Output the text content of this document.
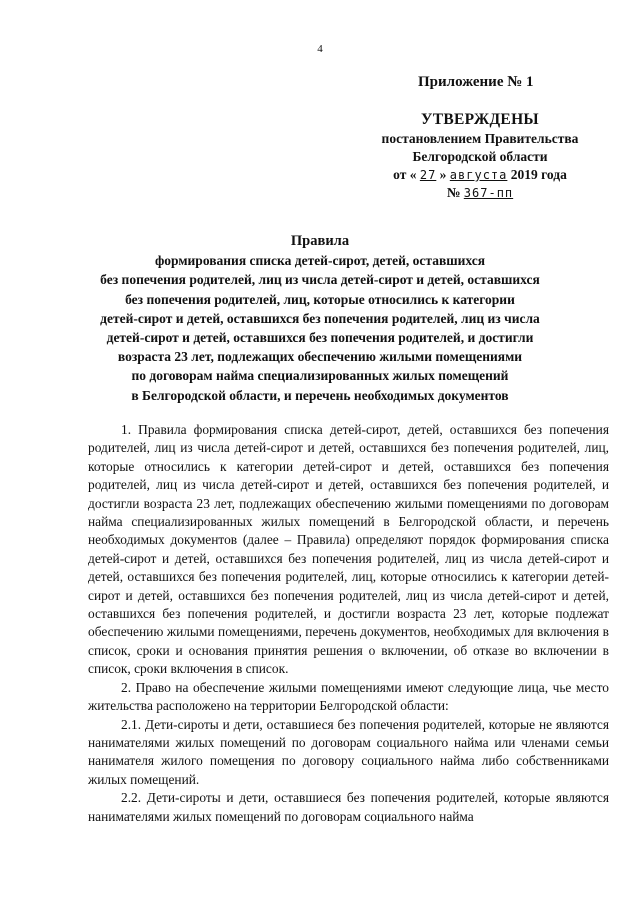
4
Приложение № 1
УТВЕРЖДЕНЫ
постановлением Правительства
Белгородской области
от « 27 » августа 2019 года
№ 367-пп
Правила
формирования списка детей-сирот, детей, оставшихся
без попечения родителей, лиц из числа детей-сирот и детей, оставшихся
без попечения родителей, лиц, которые относились к категории
детей-сирот и детей, оставшихся без попечения родителей, лиц из числа
детей-сирот и детей, оставшихся без попечения родителей, и достигли
возраста 23 лет, подлежащих обеспечению жилыми помещениями
по договорам найма специализированных жилых помещений
в Белгородской области, и перечень необходимых документов

1. Правила формирования списка детей-сирот, детей, оставшихся без попечения родителей, лиц из числа детей-сирот и детей, оставшихся без попечения родителей, лиц, которые относились к категории детей-сирот и детей, оставшихся без попечения родителей, лиц из числа детей-сирот и детей, оставшихся без попечения родителей, и достигли возраста 23 лет, подлежащих обеспечению жилыми помещениями по договорам найма специализированных жилых помещений в Белгородской области, и перечень необходимых документов (далее – Правила) определяют порядок формирования списка детей-сирот и детей, оставшихся без попечения родителей, лиц из числа детей-сирот и детей, оставшихся без попечения родителей, лиц, которые относились к категории детей-сирот и детей, оставшихся без попечения родителей, лиц из числа детей-сирот и детей, оставшихся без попечения родителей, и достигли возраста 23 лет, которые подлежат обеспечению жилыми помещениями, перечень документов, необходимых для включения в список, сроки и основания принятия решения о включении, об отказе во включении в список, сроки включения в список.

2. Право на обеспечение жилыми помещениями имеют следующие лица, чье место жительства расположено на территории Белгородской области:

2.1. Дети-сироты и дети, оставшиеся без попечения родителей, которые не являются нанимателями жилых помещений по договорам социального найма или членами семьи нанимателя жилого помещения по договору социального найма либо собственниками жилых помещений.

2.2. Дети-сироты и дети, оставшиеся без попечения родителей, которые являются нанимателями жилых помещений по договорам социального найма
